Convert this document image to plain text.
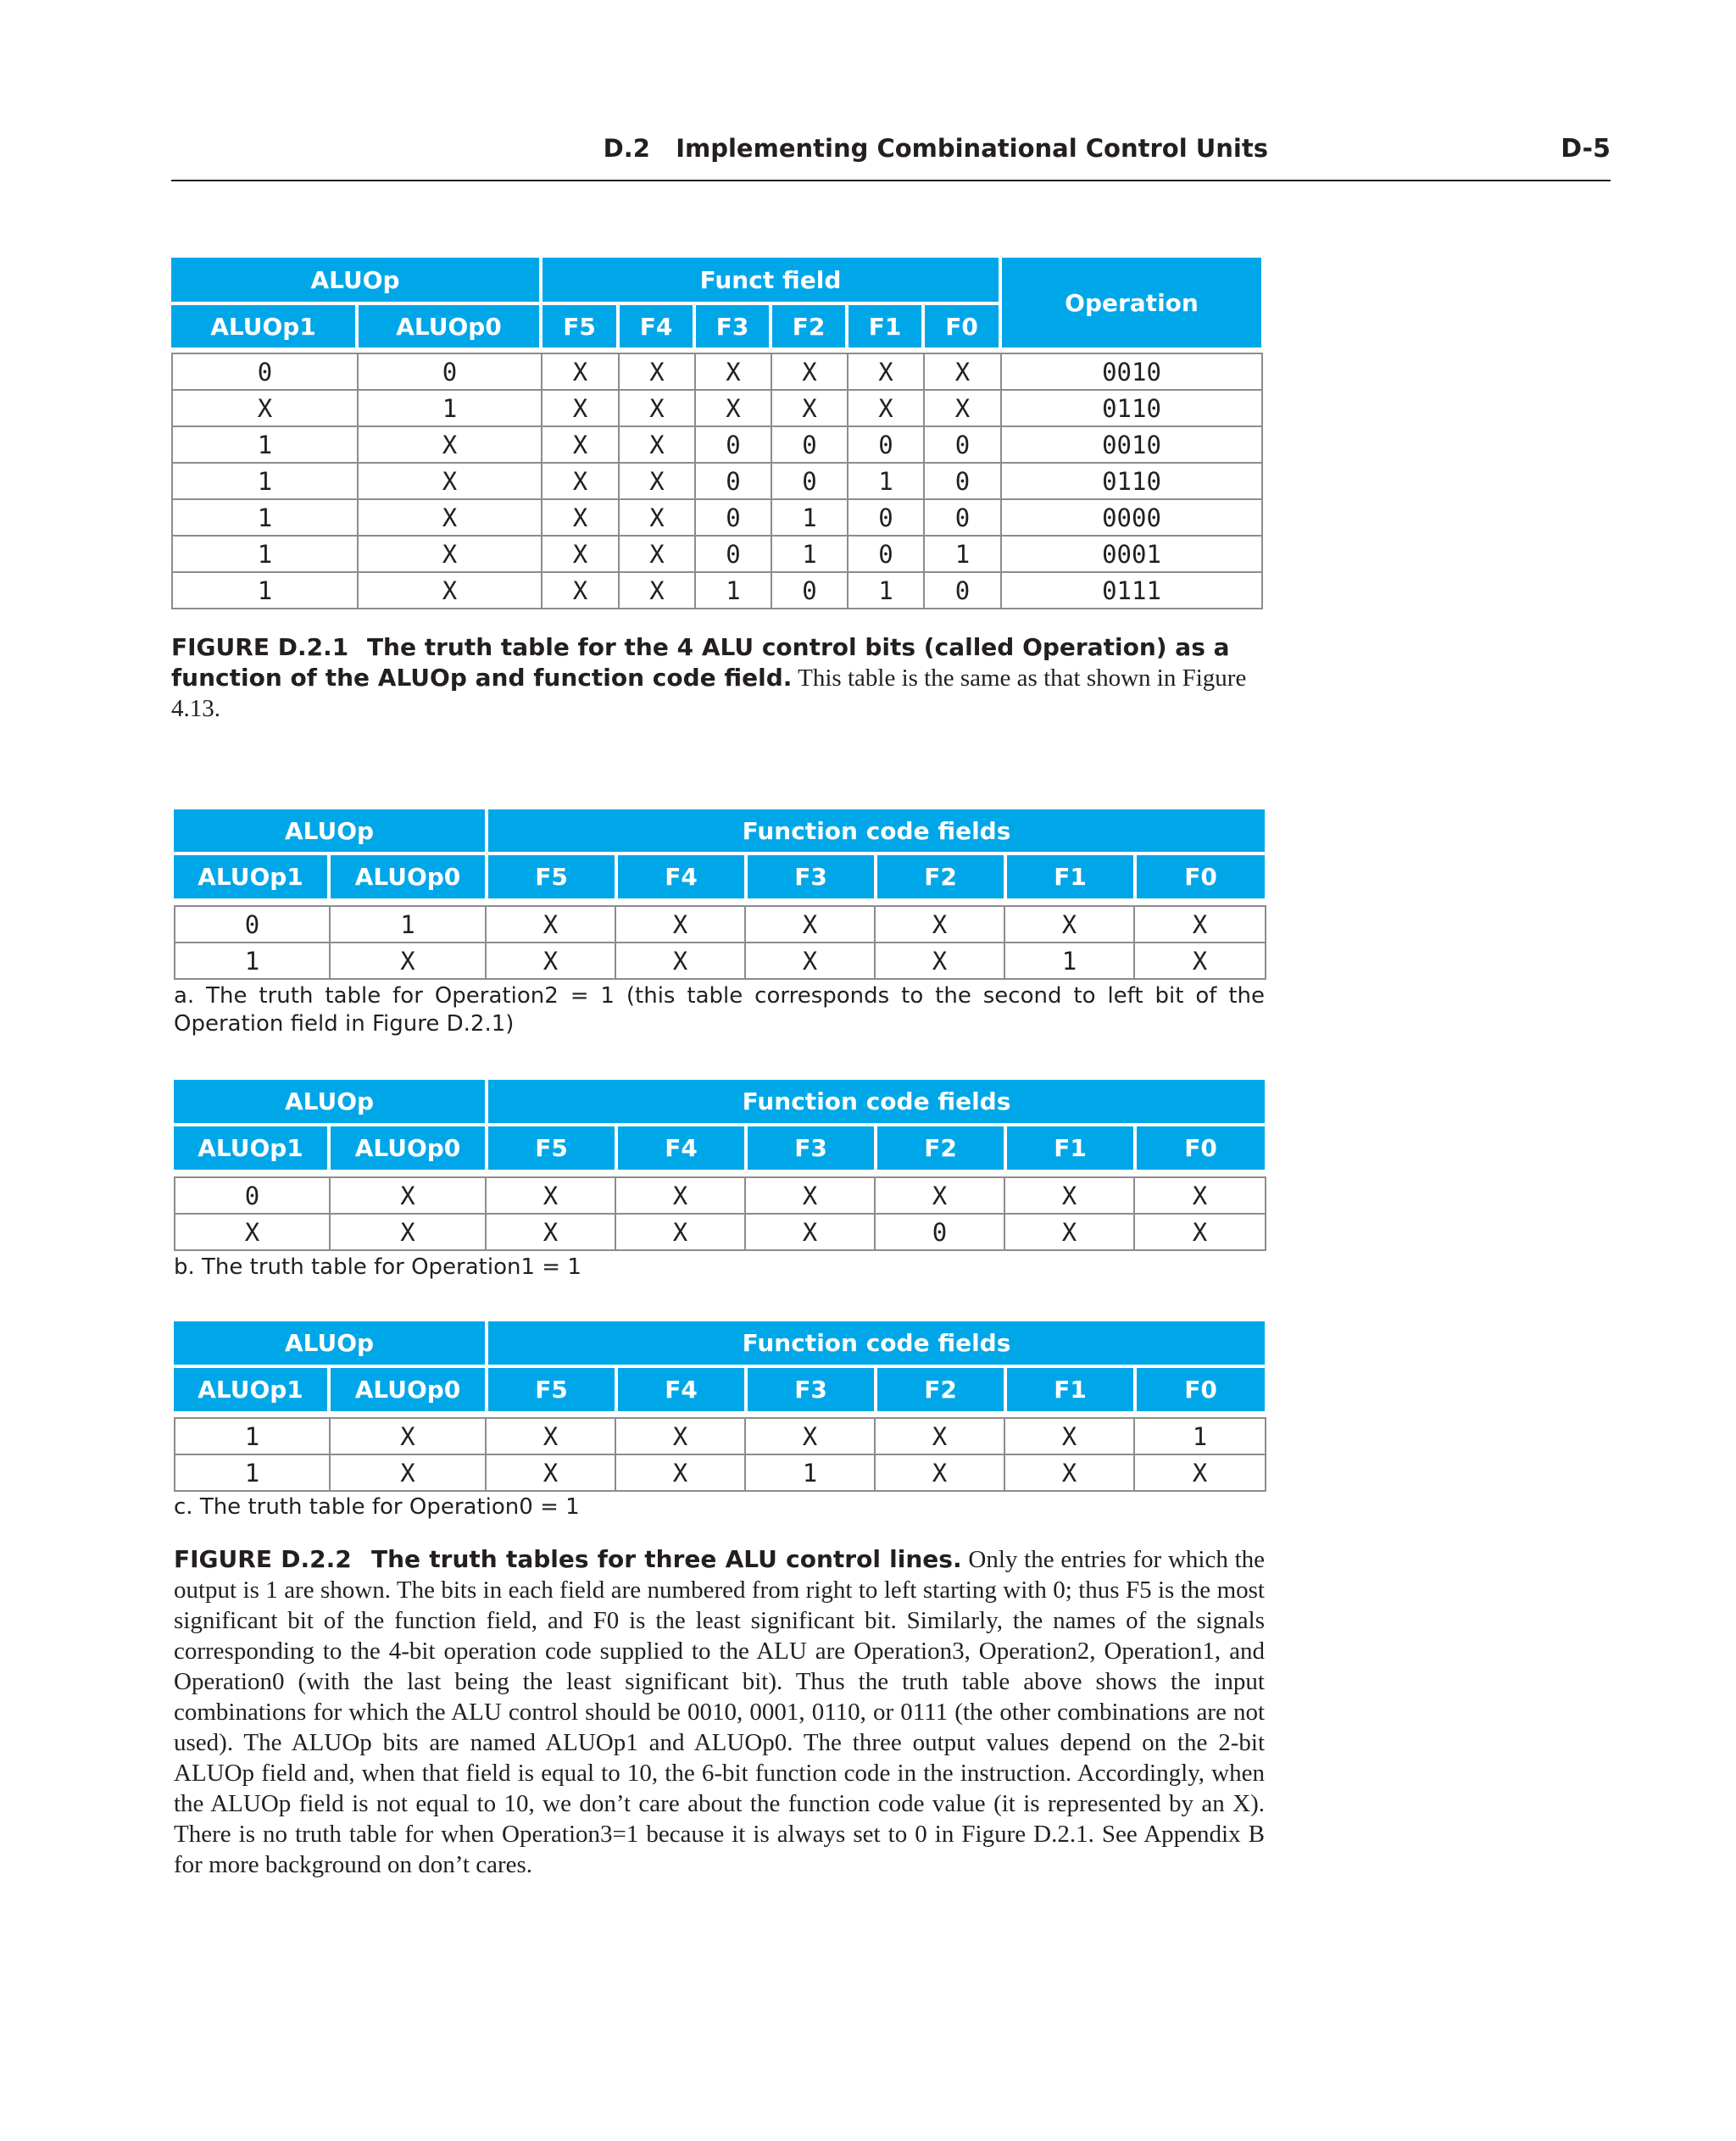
D.2   Implementing Combinational Control Units	D-5
ALUOp	Funct field
Operation
ALUOp1	ALUOp0	F5	F4	F3	F2	F1	F0
0	0	X	X	X	X	X	X	0010
X	1	X	X	X	X	X	X	0110
1	X	X	X	0	0	0	0	0010
1	X	X	X	0	0	1	0	0110
1	X	X	X	0	1	0	0	0000
1	X	X	X	0	1	0	1	0001
1	X	X	X	1	0	1	0	0111
FIGURE D.2.1 The truth table for the 4 ALU control bits (called Operation) as a function of the ALUOp and function code field. This table is the same as that shown in Figure 4.13.
ALUOp	Function code fields
ALUOp1	ALUOp0	F5	F4	F3	F2	F1	F0
0	1	X	X	X	X	X	X
1	X	X	X	X	X	1	X
a. The truth table for Operation2 = 1 (this table corresponds to the second to left bit of the Operation field in Figure D.2.1)
ALUOp	Function code fields
ALUOp1	ALUOp0	F5	F4	F3	F2	F1	F0
0	X	X	X	X	X	X	X
X	X	X	X	X	0	X	X
b. The truth table for Operation1 = 1
ALUOp	Function code fields
ALUOp1	ALUOp0	F5	F4	F3	F2	F1	F0
1	X	X	X	X	X	X	1
1	X	X	X	1	X	X	X
c. The truth table for Operation0 = 1
FIGURE D.2.2 The truth tables for three ALU control lines. Only the entries for which the output is 1 are shown. The bits in each field are numbered from right to left starting with 0; thus F5 is the most significant bit of the function field, and F0 is the least significant bit. Similarly, the names of the signals corresponding to the 4-bit operation code supplied to the ALU are Operation3, Operation2, Operation1, and Operation0 (with the last being the least significant bit). Thus the truth table above shows the input combinations for which the ALU control should be 0010, 0001, 0110, or 0111 (the other combinations are not used). The ALUOp bits are named ALUOp1 and ALUOp0. The three output values depend on the 2-bit ALUOp field and, when that field is equal to 10, the 6-bit function code in the instruction. Accordingly, when the ALUOp field is not equal to 10, we don’t care about the function code value (it is represented by an X). There is no truth table for when Operation3=1 because it is always set to 0 in Figure D.2.1. See Appendix B for more background on don’t cares.
